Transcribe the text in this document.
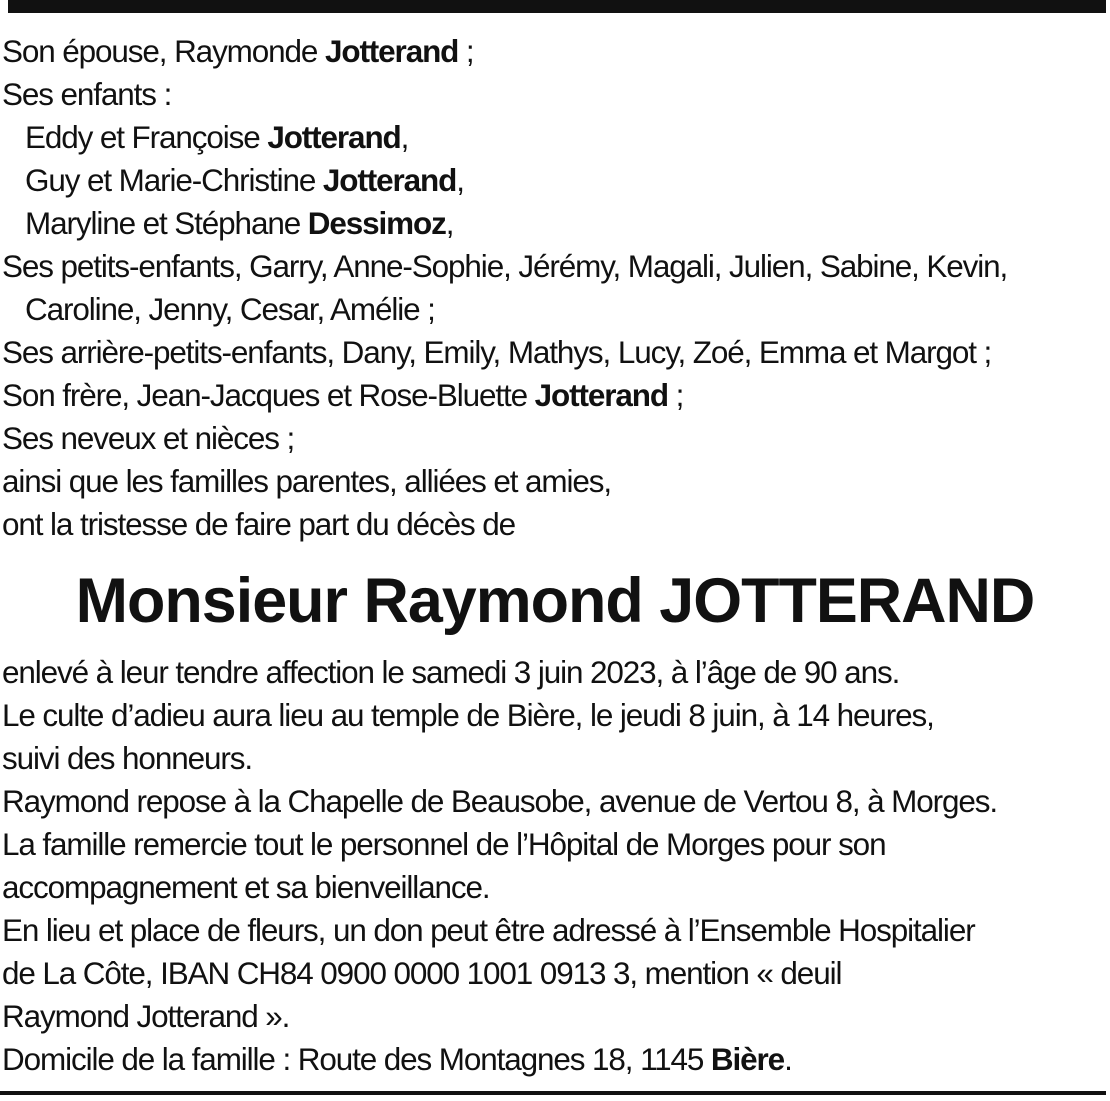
Son épouse, Raymonde Jotterand ;
Ses enfants :
Eddy et Françoise Jotterand,
Guy et Marie-Christine Jotterand,
Maryline et Stéphane Dessimoz,
Ses petits-enfants, Garry, Anne-Sophie, Jérémy, Magali, Julien, Sabine, Kevin,
Caroline, Jenny, Cesar, Amélie ;
Ses arrière-petits-enfants, Dany, Emily, Mathys, Lucy, Zoé, Emma et Margot ;
Son frère, Jean-Jacques et Rose-Bluette Jotterand ;
Ses neveux et nièces ;
ainsi que les familles parentes, alliées et amies,
ont la tristesse de faire part du décès de
Monsieur Raymond JOTTERAND
enlevé à leur tendre affection le samedi 3 juin 2023, à l’âge de 90 ans.
Le culte d’adieu aura lieu au temple de Bière, le jeudi 8 juin, à 14 heures,
suivi des honneurs.
Raymond repose à la Chapelle de Beausobe, avenue de Vertou 8, à Morges.
La famille remercie tout le personnel de l’Hôpital de Morges pour son
accompagnement et sa bienveillance.
En lieu et place de fleurs, un don peut être adressé à l’Ensemble Hospitalier
de La Côte, IBAN CH84 0900 0000 1001 0913 3, mention « deuil
Raymond Jotterand ».
Domicile de la famille : Route des Montagnes 18, 1145 Bière.
